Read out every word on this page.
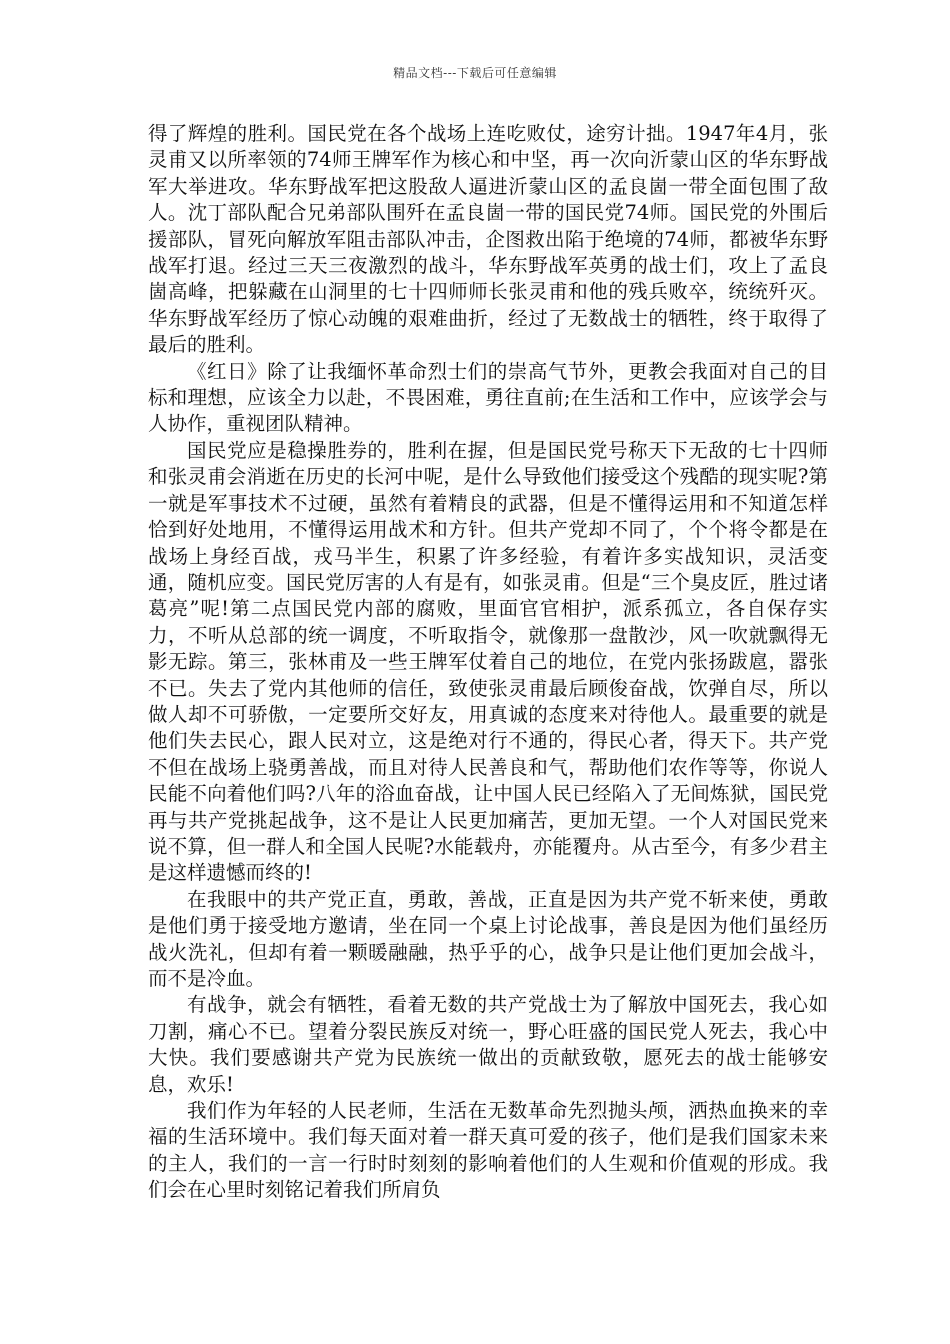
精品文档---下载后可任意编辑

得了辉煌的胜利。国民党在各个战场上连吃败仗，途穷计拙。1947年4月，张灵甫又以所率领的74师王牌军作为核心和中坚，再一次向沂蒙山区的华东野战军大举进攻。华东野战军把这股敌人逼进沂蒙山区的孟良崮一带全面包围了敌人。沈丁部队配合兄弟部队围歼在孟良崮一带的国民党74师。国民党的外围后援部队，冒死向解放军阻击部队冲击，企图救出陷于绝境的74师，都被华东野战军打退。经过三天三夜激烈的战斗，华东野战军英勇的战士们，攻上了孟良崮高峰，把躲藏在山洞里的七十四师师长张灵甫和他的残兵败卒，统统歼灭。华东野战军经历了惊心动魄的艰难曲折，经过了无数战士的牺牲，终于取得了最后的胜利。

《红日》除了让我缅怀革命烈士们的崇高气节外，更教会我面对自己的目标和理想，应该全力以赴，不畏困难，勇往直前;在生活和工作中，应该学会与人协作，重视团队精神。

国民党应是稳操胜券的，胜利在握，但是国民党号称天下无敌的七十四师和张灵甫会消逝在历史的长河中呢，是什么导致他们接受这个残酷的现实呢?第一就是军事技术不过硬，虽然有着精良的武器，但是不懂得运用和不知道怎样恰到好处地用，不懂得运用战术和方针。但共产党却不同了，个个将令都是在战场上身经百战，戎马半生，积累了许多经验，有着许多实战知识，灵活变通，随机应变。国民党厉害的人有是有，如张灵甫。但是“三个臭皮匠，胜过诸葛亮”呢!第二点国民党内部的腐败，里面官官相护，派系孤立，各自保存实力，不听从总部的统一调度，不听取指令，就像那一盘散沙，风一吹就飘得无影无踪。第三，张林甫及一些王牌军仗着自己的地位，在党内张扬跋扈，嚣张不已。失去了党内其他师的信任，致使张灵甫最后顾俊奋战，饮弹自尽，所以做人却不可骄傲，一定要所交好友，用真诚的态度来对待他人。最重要的就是他们失去民心，跟人民对立，这是绝对行不通的，得民心者，得天下。共产党不但在战场上骁勇善战，而且对待人民善良和气，帮助他们农作等等，你说人民能不向着他们吗?八年的浴血奋战，让中国人民已经陷入了无间炼狱，国民党再与共产党挑起战争，这不是让人民更加痛苦，更加无望。一个人对国民党来说不算，但一群人和全国人民呢?水能载舟，亦能覆舟。从古至今，有多少君主是这样遗憾而终的!

在我眼中的共产党正直，勇敢，善战，正直是因为共产党不斩来使，勇敢是他们勇于接受地方邀请，坐在同一个桌上讨论战事，善良是因为他们虽经历战火洗礼，但却有着一颗暖融融，热乎乎的心，战争只是让他们更加会战斗，而不是冷血。

有战争，就会有牺牲，看着无数的共产党战士为了解放中国死去，我心如刀割，痛心不已。望着分裂民族反对统一，野心旺盛的国民党人死去，我心中大快。我们要感谢共产党为民族统一做出的贡献致敬，愿死去的战士能够安息，欢乐!

我们作为年轻的人民老师，生活在无数革命先烈抛头颅，洒热血换来的幸福的生活环境中。我们每天面对着一群天真可爱的孩子，他们是我们国家未来的主人，我们的一言一行时时刻刻的影响着他们的人生观和价值观的形成。我们会在心里时刻铭记着我们所肩负
